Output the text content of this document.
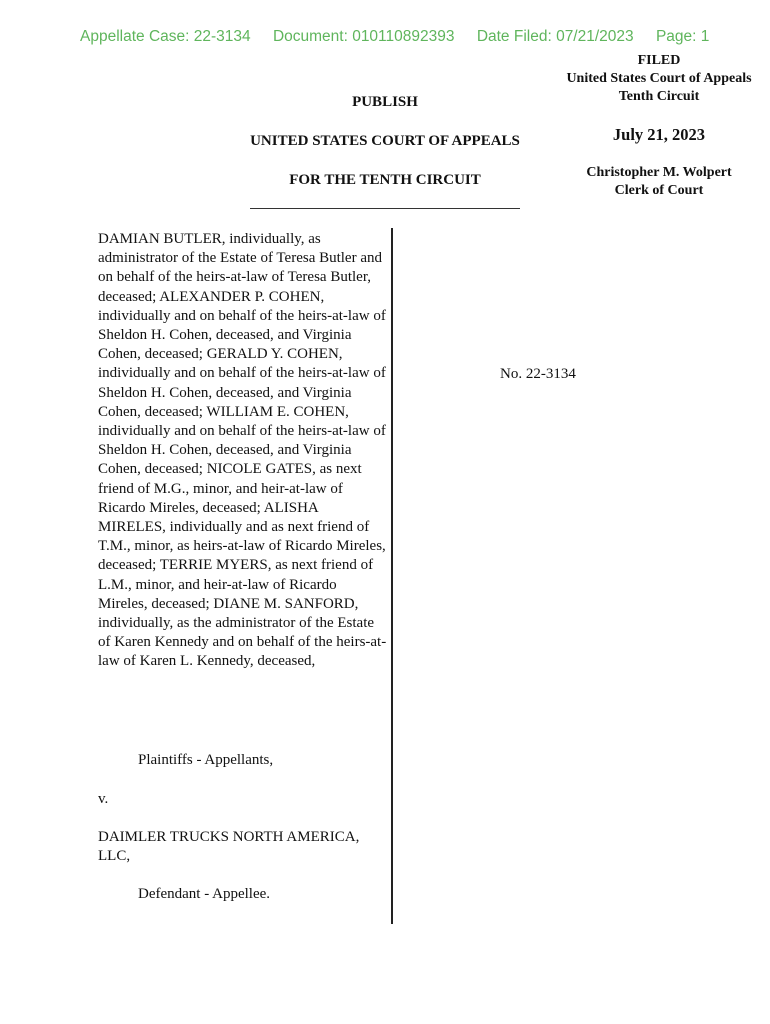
Appellate Case: 22-3134 Document: 010110892393 Date Filed: 07/21/2023 Page: 1
FILED
United States Court of Appeals
Tenth Circuit
July 21, 2023
Christopher M. Wolpert
Clerk of Court
PUBLISH
UNITED STATES COURT OF APPEALS
FOR THE TENTH CIRCUIT
DAMIAN BUTLER, individually, as administrator of the Estate of Teresa Butler and on behalf of the heirs-at-law of Teresa Butler, deceased; ALEXANDER P. COHEN, individually and on behalf of the heirs-at-law of Sheldon H. Cohen, deceased, and Virginia Cohen, deceased; GERALD Y. COHEN, individually and on behalf of the heirs-at-law of Sheldon H. Cohen, deceased, and Virginia Cohen, deceased; WILLIAM E. COHEN, individually and on behalf of the heirs-at-law of Sheldon H. Cohen, deceased, and Virginia Cohen, deceased; NICOLE GATES, as next friend of M.G., minor, and heir-at-law of Ricardo Mireles, deceased; ALISHA MIRELES, individually and as next friend of T.M., minor, as heirs-at-law of Ricardo Mireles, deceased; TERRIE MYERS, as next friend of L.M., minor, and heir-at-law of Ricardo Mireles, deceased; DIANE M. SANFORD, individually, as the administrator of the Estate of Karen Kennedy and on behalf of the heirs-at-law of Karen L. Kennedy, deceased,
Plaintiffs - Appellants,
v.
DAIMLER TRUCKS NORTH AMERICA, LLC,
Defendant - Appellee.
No. 22-3134
